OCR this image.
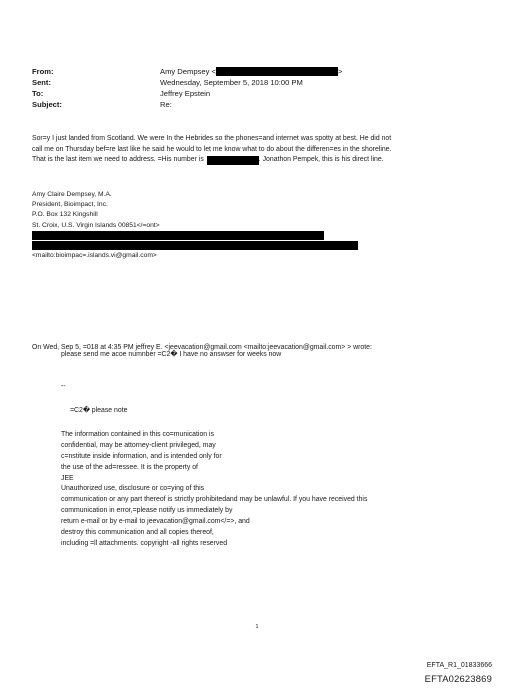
From:	Amy Dempsey <	>
Sent:	Wednesday, September 5, 2018 10:00 PM
To:	Jeffrey Epstein
Subject:	Re:
Sor=y I just landed from Scotland. We were In the Hebrides so the phones=and internet was spotty at best. He did not
call me on Thursday bef=re last like he said he would to let me know what to do about the differen=es in the shoreline.
That is the last item we need to address. =His number is	. Jonathon Pempek, this is his direct line.
Amy Claire Dempsey, M.A.
President, Bioimpact, Inc.
P.O. Box 132 Kingshill
St. Croix, U.S. Virgin Islands 00851</=ont>
<mailto:bioimpac=.islands.vi@gmail.com>
On Wed, Sep 5, =018 at 4:35 PM jeffrey E. <jeevacation@gmail.com <mailto:jeevacation@gmail.com> > wrote:
please send me acoe numnber =C2� I have no answser for weeks now
--
=C2� please note
The information contained in this co=munication is
confidential, may be attorney-client privileged, may
c=nstitute inside information, and is intended only for
the use of the ad=ressee. It is the property of
JEE
Unauthorized use, disclosure or co=ying of this
communication or any part thereof is strictly prohibitedand may be unlawful. If you have received this
communication in error,=please notify us immediately by
return e-mail or by e-mail to jeevacation@gmail.com</=>, and
destroy this communication and all copies thereof,
including =ll attachments. copyright -all rights reserved
1
EFTA_R1_01833666
EFTA02623869
